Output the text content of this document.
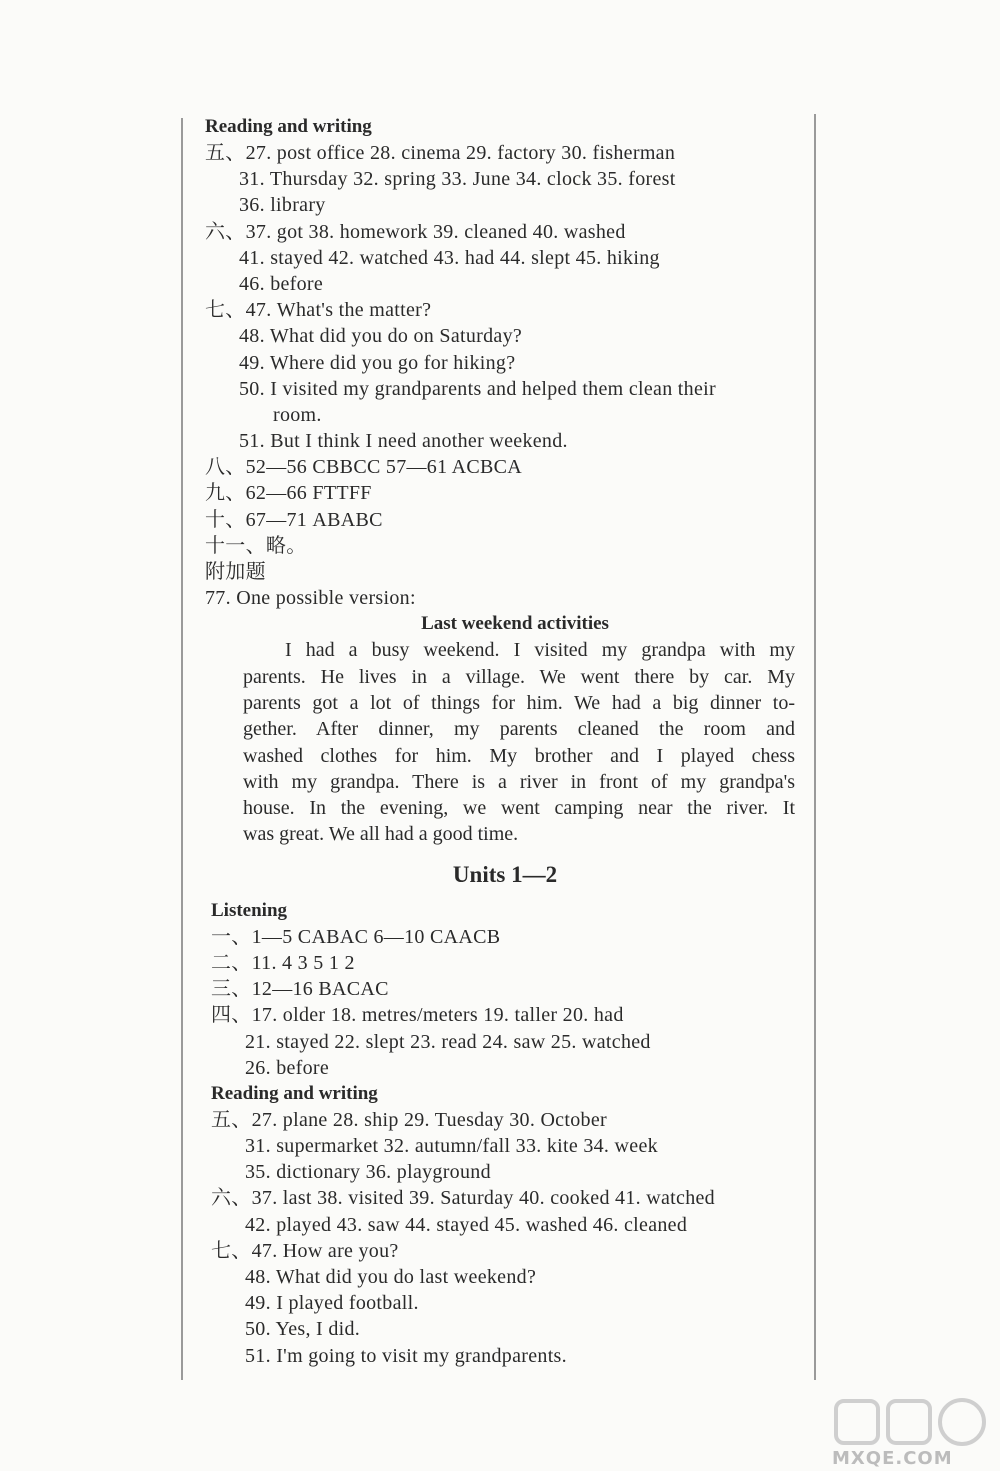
Reading and writing
五、27. post office 28. cinema 29. factory 30. fisherman
31. Thursday 32. spring 33. June 34. clock 35. forest
36. library
六、37. got 38. homework 39. cleaned 40. washed
41. stayed 42. watched 43. had 44. slept 45. hiking
46. before
七、47. What's the matter?
48. What did you do on Saturday?
49. Where did you go for hiking?
50. I visited my grandparents and helped them clean their
room.
51. But I think I need another weekend.
八、52—56 CBBCC 57—61 ACBCA
九、62—66 FTTFF
十、67—71 ABABC
十一、略。
附加题
77. One possible version:
Last weekend activities
I had a busy weekend. I visited my grandpa with my
parents. He lives in a village. We went there by car. My
parents got a lot of things for him. We had a big dinner to-
gether. After dinner, my parents cleaned the room and
washed clothes for him. My brother and I played chess
with my grandpa. There is a river in front of my grandpa's
house. In the evening, we went camping near the river. It
was great. We all had a good time.
Units 1—2
Listening
一、1—5 CABAC 6—10 CAACB
二、11. 4 3 5 1 2
三、12—16 BACAC
四、17. older 18. metres/meters 19. taller 20. had
21. stayed 22. slept 23. read 24. saw 25. watched
26. before
Reading and writing
五、27. plane 28. ship 29. Tuesday 30. October
31. supermarket 32. autumn/fall 33. kite 34. week
35. dictionary 36. playground
六、37. last 38. visited 39. Saturday 40. cooked 41. watched
42. played 43. saw 44. stayed 45. washed 46. cleaned
七、47. How are you?
48. What did you do last weekend?
49. I played football.
50. Yes, I did.
51. I'm going to visit my grandparents.
MXQE.COM
